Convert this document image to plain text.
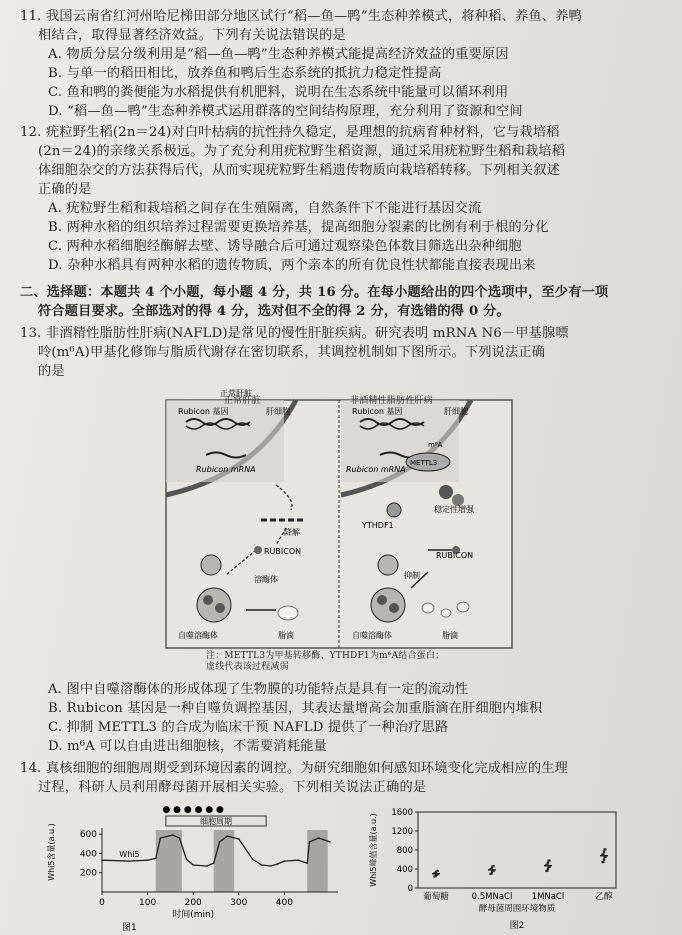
11. 我国云南省红河州哈尼梯田部分地区试行“稻—鱼—鸭”生态种养模式，将种稻、养鱼、养鸭
相结合，取得显著经济效益。下列有关说法错误的是
A. 物质分层分级利用是“稻—鱼—鸭”生态种养模式能提高经济效益的重要原因
B. 与单一的稻田相比，放养鱼和鸭后生态系统的抵抗力稳定性提高
C. 鱼和鸭的粪便能为水稻提供有机肥料，说明在生态系统中能量可以循环利用
D. “稻—鱼—鸭”生态种养模式运用群落的空间结构原理，充分利用了资源和空间
12. 疣粒野生稻(2n＝24)对白叶枯病的抗性持久稳定，是理想的抗病育种材料，它与栽培稻
(2n＝24)的亲缘关系极远。为了充分利用疣粒野生稻资源，通过采用疣粒野生稻和栽培稻
体细胞杂交的方法获得后代，从而实现疣粒野生稻遗传物质向栽培稻转移。下列相关叙述
正确的是
A. 疣粒野生稻和栽培稻之间存在生殖隔离，自然条件下不能进行基因交流
B. 两种水稻的组织培养过程需要更换培养基，提高细胞分裂素的比例有利于根的分化
C. 两种水稻细胞经酶解去壁、诱导融合后可通过观察染色体数目筛选出杂种细胞
D. 杂种水稻具有两种水稻的遗传物质，两个亲本的所有优良性状都能直接表现出来
二、选择题：本题共 4 个小题，每小题 4 分，共 16 分。在每小题给出的四个选项中，至少有一项
符合题目要求。全部选对的得 4 分，选对但不全的得 2 分，有选错的得 0 分。
13. 非酒精性脂肪性肝病(NAFLD)是常见的慢性肝脏疾病。研究表明 mRNA N6－甲基腺嘌
呤(m⁶A)甲基化修饰与脂质代谢存在密切联系，其调控机制如下图所示。下列说法正确
的是
正常肝脏
Rubicon 基因	肝细胞
Rubicon mRNA
降解
RUBICON
溶酶体
自噬溶酶体	脂滴
Rubicon 基因	肝细胞
m⁶A
METTL3
Rubicon mRNA
YTHDF1
稳定性增强
RUBICON
抑制
自噬溶酶体	脂滴
正常肝脏	非酒精性脂肪性肝病
注：METTL3为甲基转移酶、YTHDF1为m⁶A结合蛋白；
虚线代表该过程减弱
A. 图中自噬溶酶体的形成体现了生物膜的功能特点是具有一定的流动性
B. Rubicon 基因是一种自噬负调控基因，其表达量增高会加重脂滴在肝细胞内堆积
C. 抑制 METTL3 的合成为临床干预 NAFLD 提供了一种治疗思路
D. m⁶A 可以自由进出细胞核，不需要消耗能量
14. 真核细胞的细胞周期受到环境因素的调控。为研究细胞如何感知环境变化完成相应的生理
过程，科研人员利用酵母菌开展相关实验。下列相关说法正确的是
● ● ● ● ● ●
细胞周期
Whi5
0	100	200	300	400
200
400
600
Whi5含量(a.u.)
时间(min)
图1
0
400
800
1200
1600
Whi5峰值含量(a.u.)
葡萄糖	0.5MNaCl 1MNaCl	乙醇
酵母菌周围环境物质
图2
